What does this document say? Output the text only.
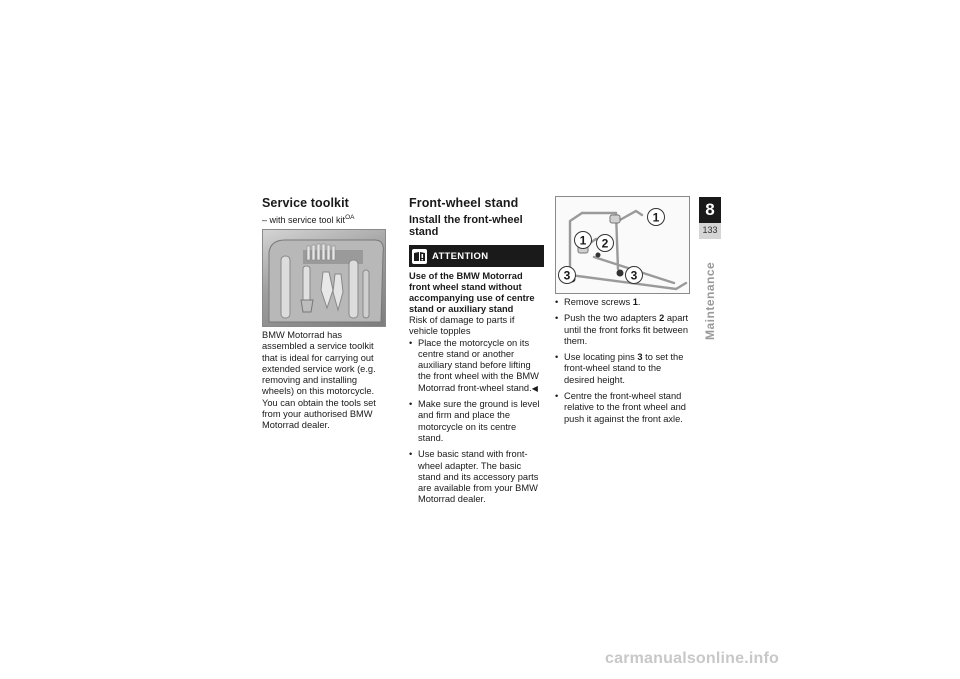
Service toolkit
– with service tool kit$^{OA}$

BMW Motorrad has assembled a service toolkit that is ideal for carrying out extended service work (e.g. removing and installing wheels) on this motorcycle. You can obtain the tools set from your authorised BMW Motorrad dealer.

Front-wheel stand
Install the front-wheel stand
ATTENTION
Use of the BMW Motorrad front wheel stand without accompanying use of centre stand or auxiliary stand

Risk of damage to parts if vehicle topples

• Place the motorcycle on its centre stand or another auxiliary stand before lifting the front wheel with the BMW Motorrad front-wheel stand.◀
• Make sure the ground is level and firm and place the motorcycle on its centre stand.
• Use basic stand with front-wheel adapter. The basic stand and its accessory parts are available from your BMW Motorrad dealer.
1
1 2
3	3
• Remove screws 1.
• Push the two adapters 2 apart until the front forks fit between them.
• Use locating pins 3 to set the front-wheel stand to the desired height.
• Centre the front-wheel stand relative to the front wheel and push it against the front axle.
8
133
Maintenance
carmanualsonline.info
